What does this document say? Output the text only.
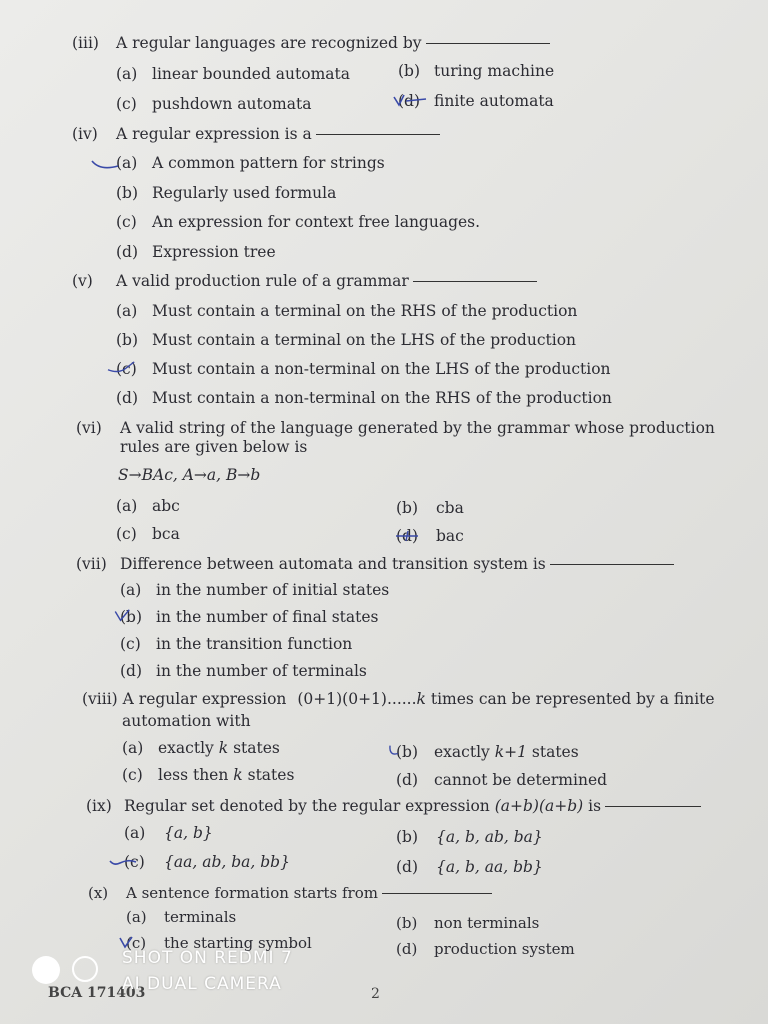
(iii) A regular languages are recognized by
(a) linear bounded automata	(b) turing machine
(c) pushdown automata	(d) finite automata
(iv) A regular expression is a
(a) A common pattern for strings
(b) Regularly used formula
(c) An expression for context free languages.
(d) Expression tree
(v) A valid production rule of a grammar
(a) Must contain a terminal on the RHS of the production
(b) Must contain a terminal on the LHS of the production
(c) Must contain a non-terminal on the LHS of the production
(d) Must contain a non-terminal on the RHS of the production
(vi) A valid string of the language generated by the grammar whose production
rules are given below is
S→BAc, A→a, B→b
(a) abc	(b) cba
(c) bca	(d) bac
(vii) Difference between automata and transition system is
(a) in the number of initial states
(b) in the number of final states
(c) in the transition function
(d) in the number of terminals
(viii) A regular expression (0+1)(0+1)......k times can be represented by a finite
automation with
(a) exactly k states	(b) exactly k+1 states
(c) less then k states	(d) cannot be determined
(ix) Regular set denoted by the regular expression (a+b)(a+b) is
(a) {a, b}	(b) {a, b, ab, ba}
(c) {aa, ab, ba, bb}	(d) {a, b, aa, bb}
(x) A sentence formation starts from
(a) terminals	(b) non terminals
(c) the starting symbol	(d) production system
BCA 171403	2
SHOT ON REDMI 7
AI DUAL CAMERA
